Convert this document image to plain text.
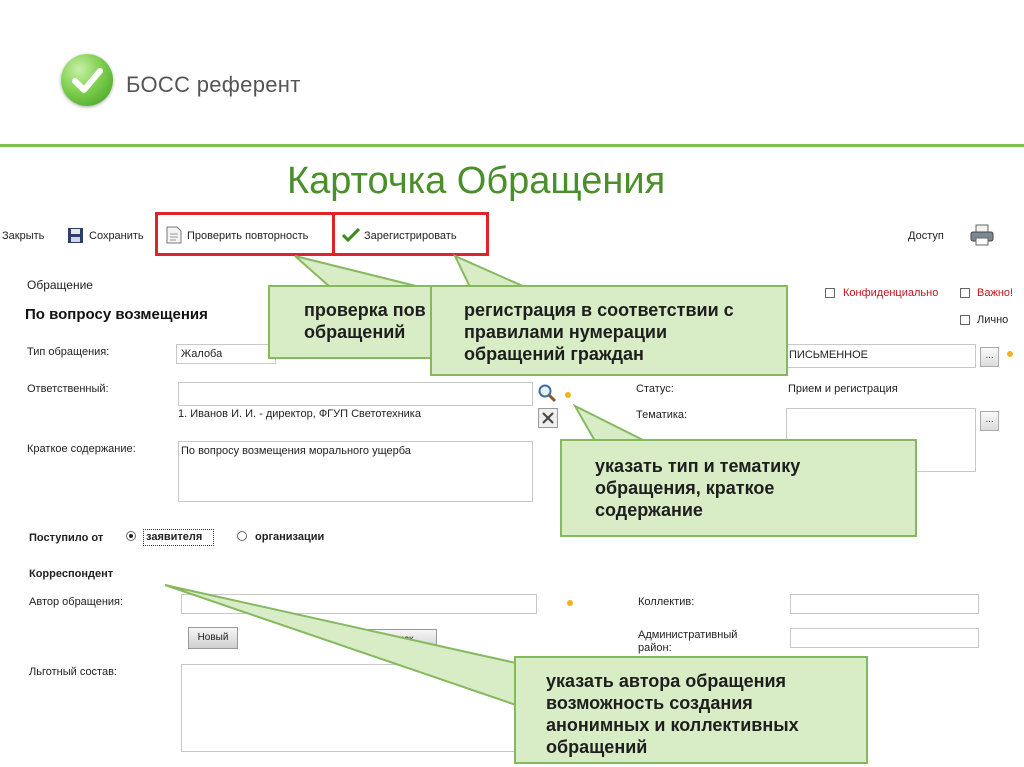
БОСС референт
Карточка Обращения
Закрыть	Сохранить	Проверить повторность	Зарегистрировать	Доступ
Обращение
По вопросу возмещения
Конфиденциально	Важно!
Лично
Тип обращения:	Жалоба	ПИСЬМЕННОЕ	...
Ответственный:
1. Иванов И. И. - директор, ФГУП Светотехника
Статус:	Прием и регистрация
Тематика:	...
Краткое содержание:	По вопросу возмещения морального ущерба
Поступило от	заявителя	организации
Корреспондент
Автор обращения:	Коллектив:
Новый	Административный
район:
Льготный состав:
проверка пов
обращений
регистрация в соответствии с
правилами нумерации
обращений граждан
указать тип и тематику
обращения, краткое
содержание
указать автора обращения
возможность создания
анонимных и коллективных
обращений
